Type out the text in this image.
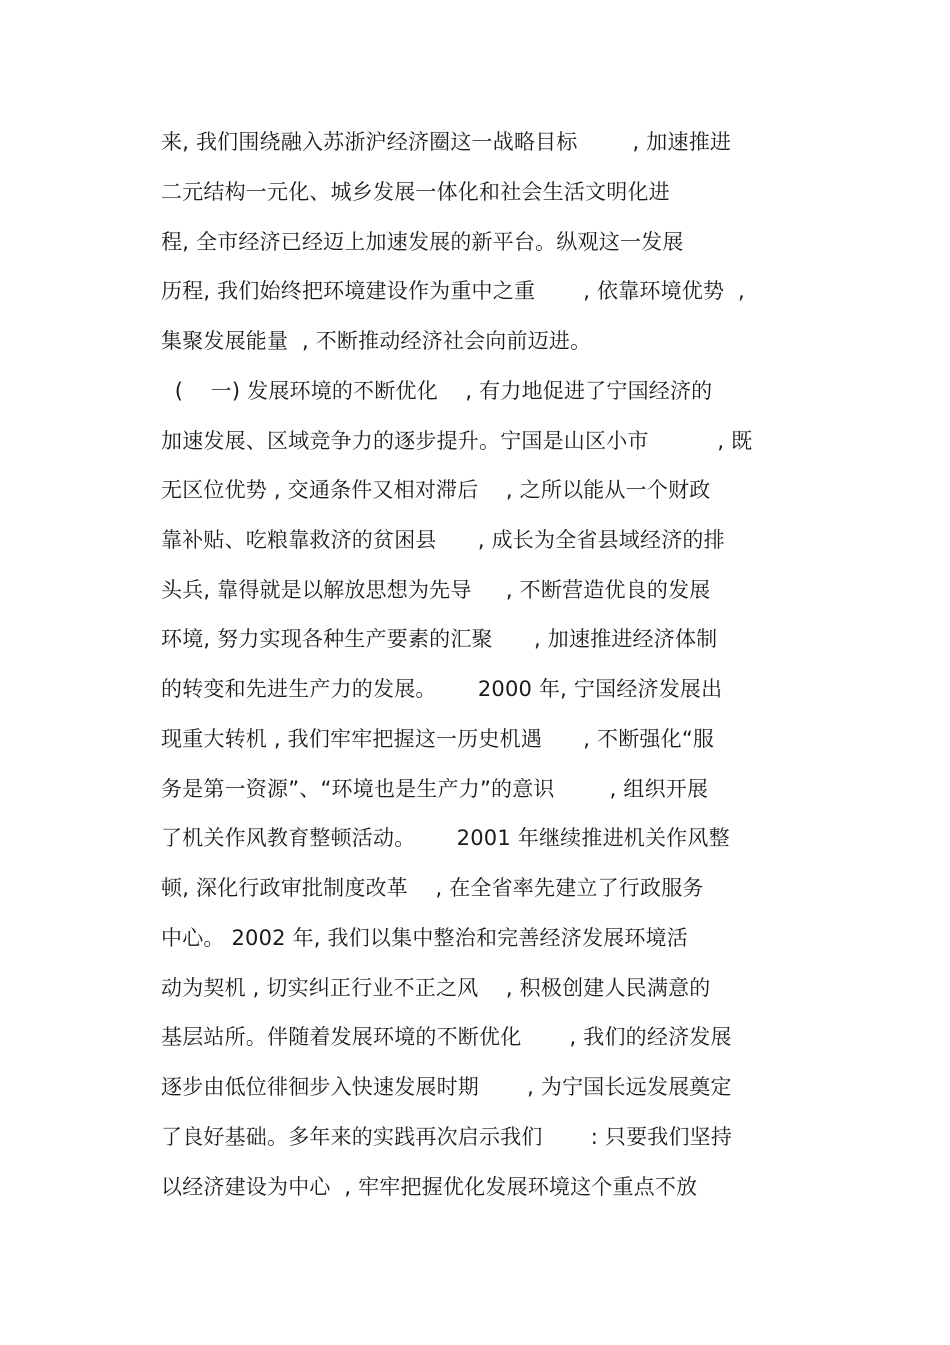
来, 我们围绕融入苏浙沪经济圈这一战略目标        , 加速推进
二元结构一元化、城乡发展一体化和社会生活文明化进
程, 全市经济已经迈上加速发展的新平台。纵观这一发展
历程, 我们始终把环境建设作为重中之重       , 依靠环境优势  ,
集聚发展能量  , 不断推动经济社会向前迈进。
(    一) 发展环境的不断优化    , 有力地促进了宁国经济的
加速发展、区域竞争力的逐步提升。宁国是山区小市          , 既
无区位优势 , 交通条件又相对滞后    , 之所以能从一个财政
靠补贴、吃粮靠救济的贫困县      , 成长为全省县域经济的排
头兵, 靠得就是以解放思想为先导     , 不断营造优良的发展
环境, 努力实现各种生产要素的汇聚      , 加速推进经济体制
的转变和先进生产力的发展。      2000 年, 宁国经济发展出
现重大转机 , 我们牢牢把握这一历史机遇      , 不断强化“服
务是第一资源”、“环境也是生产力”的意识        , 组织开展
了机关作风教育整顿活动。      2001 年继续推进机关作风整
顿, 深化行政审批制度改革    , 在全省率先建立了行政服务
中心。 2002 年, 我们以集中整治和完善经济发展环境活
动为契机 , 切实纠正行业不正之风    , 积极创建人民满意的
基层站所。伴随着发展环境的不断优化       , 我们的经济发展
逐步由低位徘徊步入快速发展时期       , 为宁国长远发展奠定
了良好基础。多年来的实践再次启示我们       : 只要我们坚持
以经济建设为中心  , 牢牢把握优化发展环境这个重点不放
